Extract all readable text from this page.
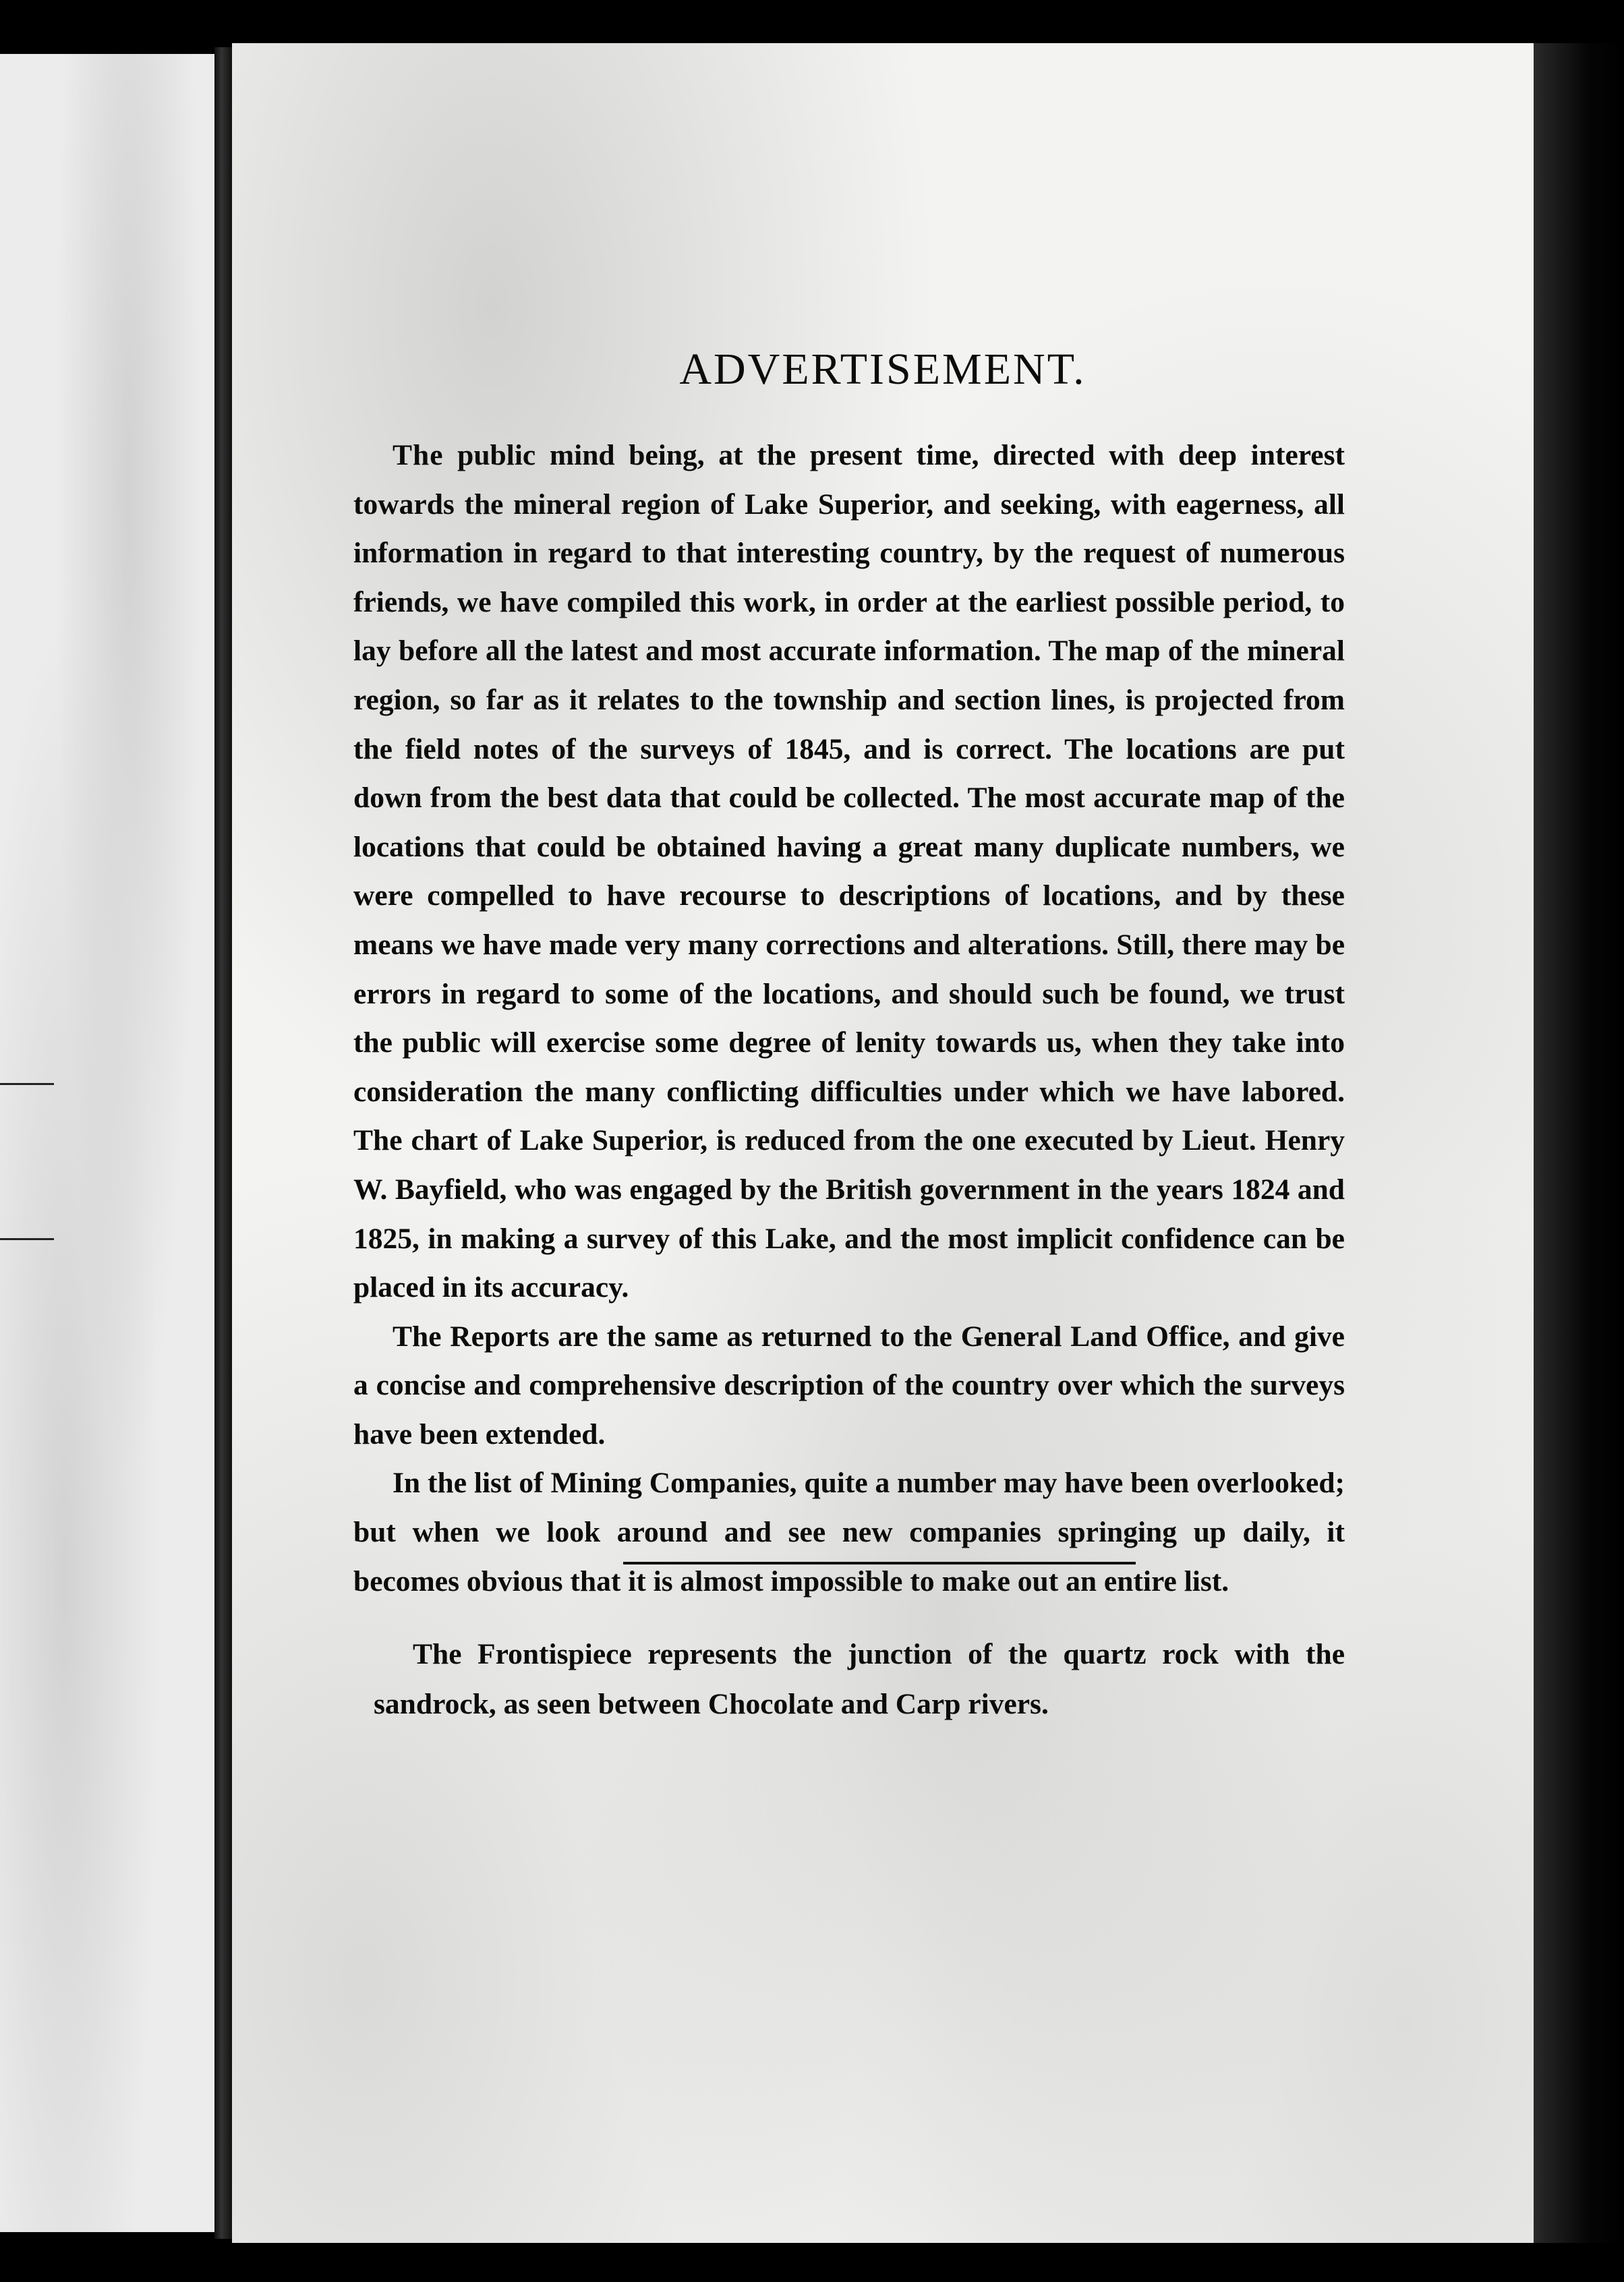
ADVERTISEMENT.

The public mind being, at the present time, directed with deep interest towards the mineral region of Lake Superior, and seeking, with eagerness, all information in regard to that interesting country, by the request of numerous friends, we have compiled this work, in order at the earliest possible period, to lay before all the latest and most accurate information. The map of the mineral region, so far as it relates to the township and section lines, is projected from the field notes of the surveys of 1845, and is correct. The locations are put down from the best data that could be collected. The most accurate map of the locations that could be obtained having a great many duplicate numbers, we were compelled to have recourse to descriptions of locations, and by these means we have made very many corrections and alterations. Still, there may be errors in regard to some of the locations, and should such be found, we trust the public will exercise some degree of lenity towards us, when they take into consideration the many conflicting difficulties under which we have labored. The chart of Lake Superior, is reduced from the one executed by Lieut. Henry W. Bayfield, who was engaged by the British government in the years 1824 and 1825, in making a survey of this Lake, and the most implicit confidence can be placed in its accuracy.

The Reports are the same as returned to the General Land Office, and give a concise and comprehensive description of the country over which the surveys have been extended.

In the list of Mining Companies, quite a number may have been overlooked; but when we look around and see new companies springing up daily, it becomes obvious that it is almost impossible to make out an entire list.

The Frontispiece represents the junction of the quartz rock with the sandrock, as seen between Chocolate and Carp rivers.
